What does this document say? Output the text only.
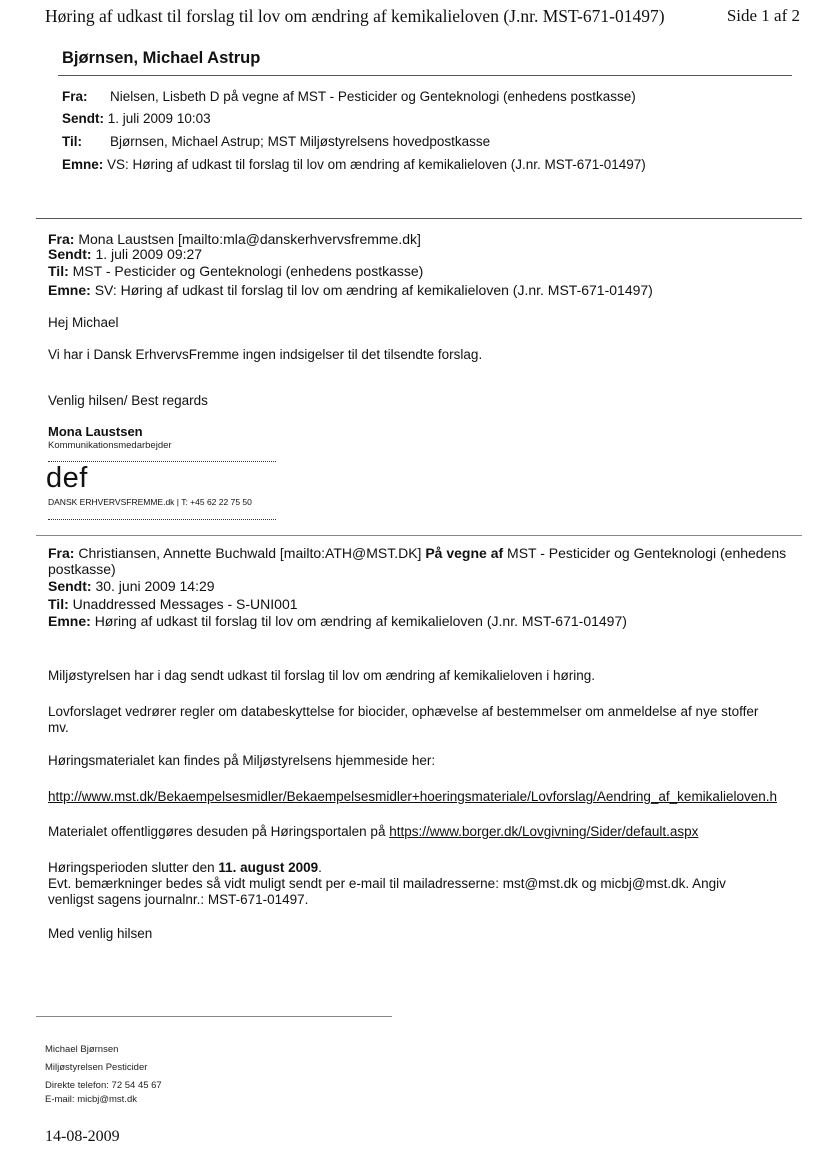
Høring af udkast til forslag til lov om ændring af kemikalieloven (J.nr. MST-671-01497)	Side 1 af 2
Bjørnsen, Michael Astrup
Fra: Nielsen, Lisbeth D på vegne af MST - Pesticider og Genteknologi (enhedens postkasse)
Sendt: 1. juli 2009 10:03
Til: Bjørnsen, Michael Astrup; MST Miljøstyrelsens hovedpostkasse
Emne: VS: Høring af udkast til forslag til lov om ændring af kemikalieloven (J.nr. MST-671-01497)
Fra: Mona Laustsen [mailto:mla@danskerhvervsfremme.dk]
Sendt: 1. juli 2009 09:27
Til: MST - Pesticider og Genteknologi (enhedens postkasse)
Emne: SV: Høring af udkast til forslag til lov om ændring af kemikalieloven (J.nr. MST-671-01497)
Hej Michael
Vi har i Dansk ErhvervsFremme ingen indsigelser til det tilsendte forslag.
Venlig hilsen/ Best regards
Mona Laustsen
Kommunikationsmedarbejder
def
DANSK ERHVERVSFREMME.dk | T: +45 62 22 75 50
Fra: Christiansen, Annette Buchwald [mailto:ATH@MST.DK] På vegne af MST - Pesticider og Genteknologi (enhedens
postkasse)
Sendt: 30. juni 2009 14:29
Til: Unaddressed Messages - S-UNI001
Emne: Høring af udkast til forslag til lov om ændring af kemikalieloven (J.nr. MST-671-01497)
Miljøstyrelsen har i dag sendt udkast til forslag til lov om ændring af kemikalieloven i høring.
Lovforslaget vedrører regler om databeskyttelse for biocider, ophævelse af bestemmelser om anmeldelse af nye stoffer
mv.
Høringsmaterialet kan findes på Miljøstyrelsens hjemmeside her:
http://www.mst.dk/Bekaempelsesmidler/Bekaempelsesmidler+hoeringsmateriale/Lovforslag/Aendring_af_kemikalieloven.h
Materialet offentliggøres desuden på Høringsportalen på https://www.borger.dk/Lovgivning/Sider/default.aspx
Høringsperioden slutter den 11. august 2009.
Evt. bemærkninger bedes så vidt muligt sendt per e-mail til mailadresserne: mst@mst.dk og micbj@mst.dk. Angiv
venligst sagens journalnr.: MST-671-01497.
Med venlig hilsen
Michael Bjørnsen
Miljøstyrelsen Pesticider
Direkte telefon: 72 54 45 67
E-mail: micbj@mst.dk
14-08-2009
